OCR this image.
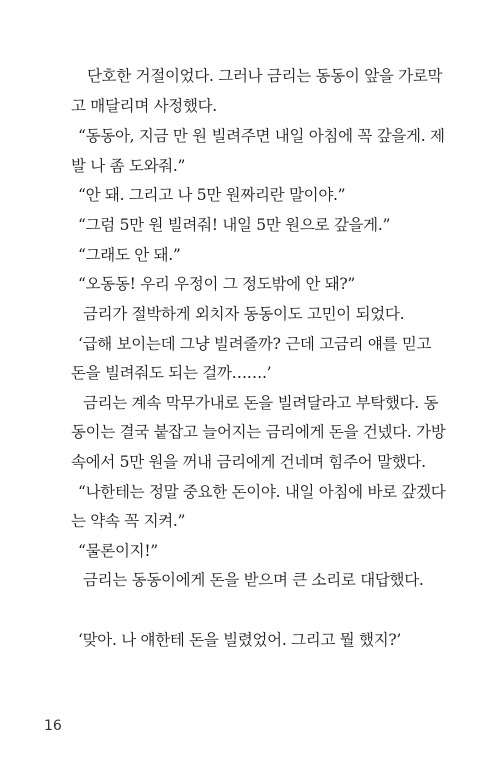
단호한 거절이었다. 그러나 금리는 동동이 앞을 가로막
고 매달리며 사정했다.
“동동아, 지금 만 원 빌려주면 내일 아침에 꼭 갚을게. 제
발 나 좀 도와줘.”
“안 돼. 그리고 나 5만 원짜리란 말이야.”
“그럼 5만 원 빌려줘! 내일 5만 원으로 갚을게.”
“그래도 안 돼.”
“오동동! 우리 우정이 그 정도밖에 안 돼?”
금리가 절박하게 외치자 동동이도 고민이 되었다.
‘급해 보이는데 그냥 빌려줄까? 근데 고금리 얘를 믿고
돈을 빌려줘도 되는 걸까…….’
금리는 계속 막무가내로 돈을 빌려달라고 부탁했다. 동
동이는 결국 붙잡고 늘어지는 금리에게 돈을 건넸다. 가방
속에서 5만 원을 꺼내 금리에게 건네며 힘주어 말했다.
“나한테는 정말 중요한 돈이야. 내일 아침에 바로 갚겠다
는 약속 꼭 지켜.”
“물론이지!”
금리는 동동이에게 돈을 받으며 큰 소리로 대답했다.
‘맞아. 나 얘한테 돈을 빌렸었어. 그리고 뭘 했지?’
16
